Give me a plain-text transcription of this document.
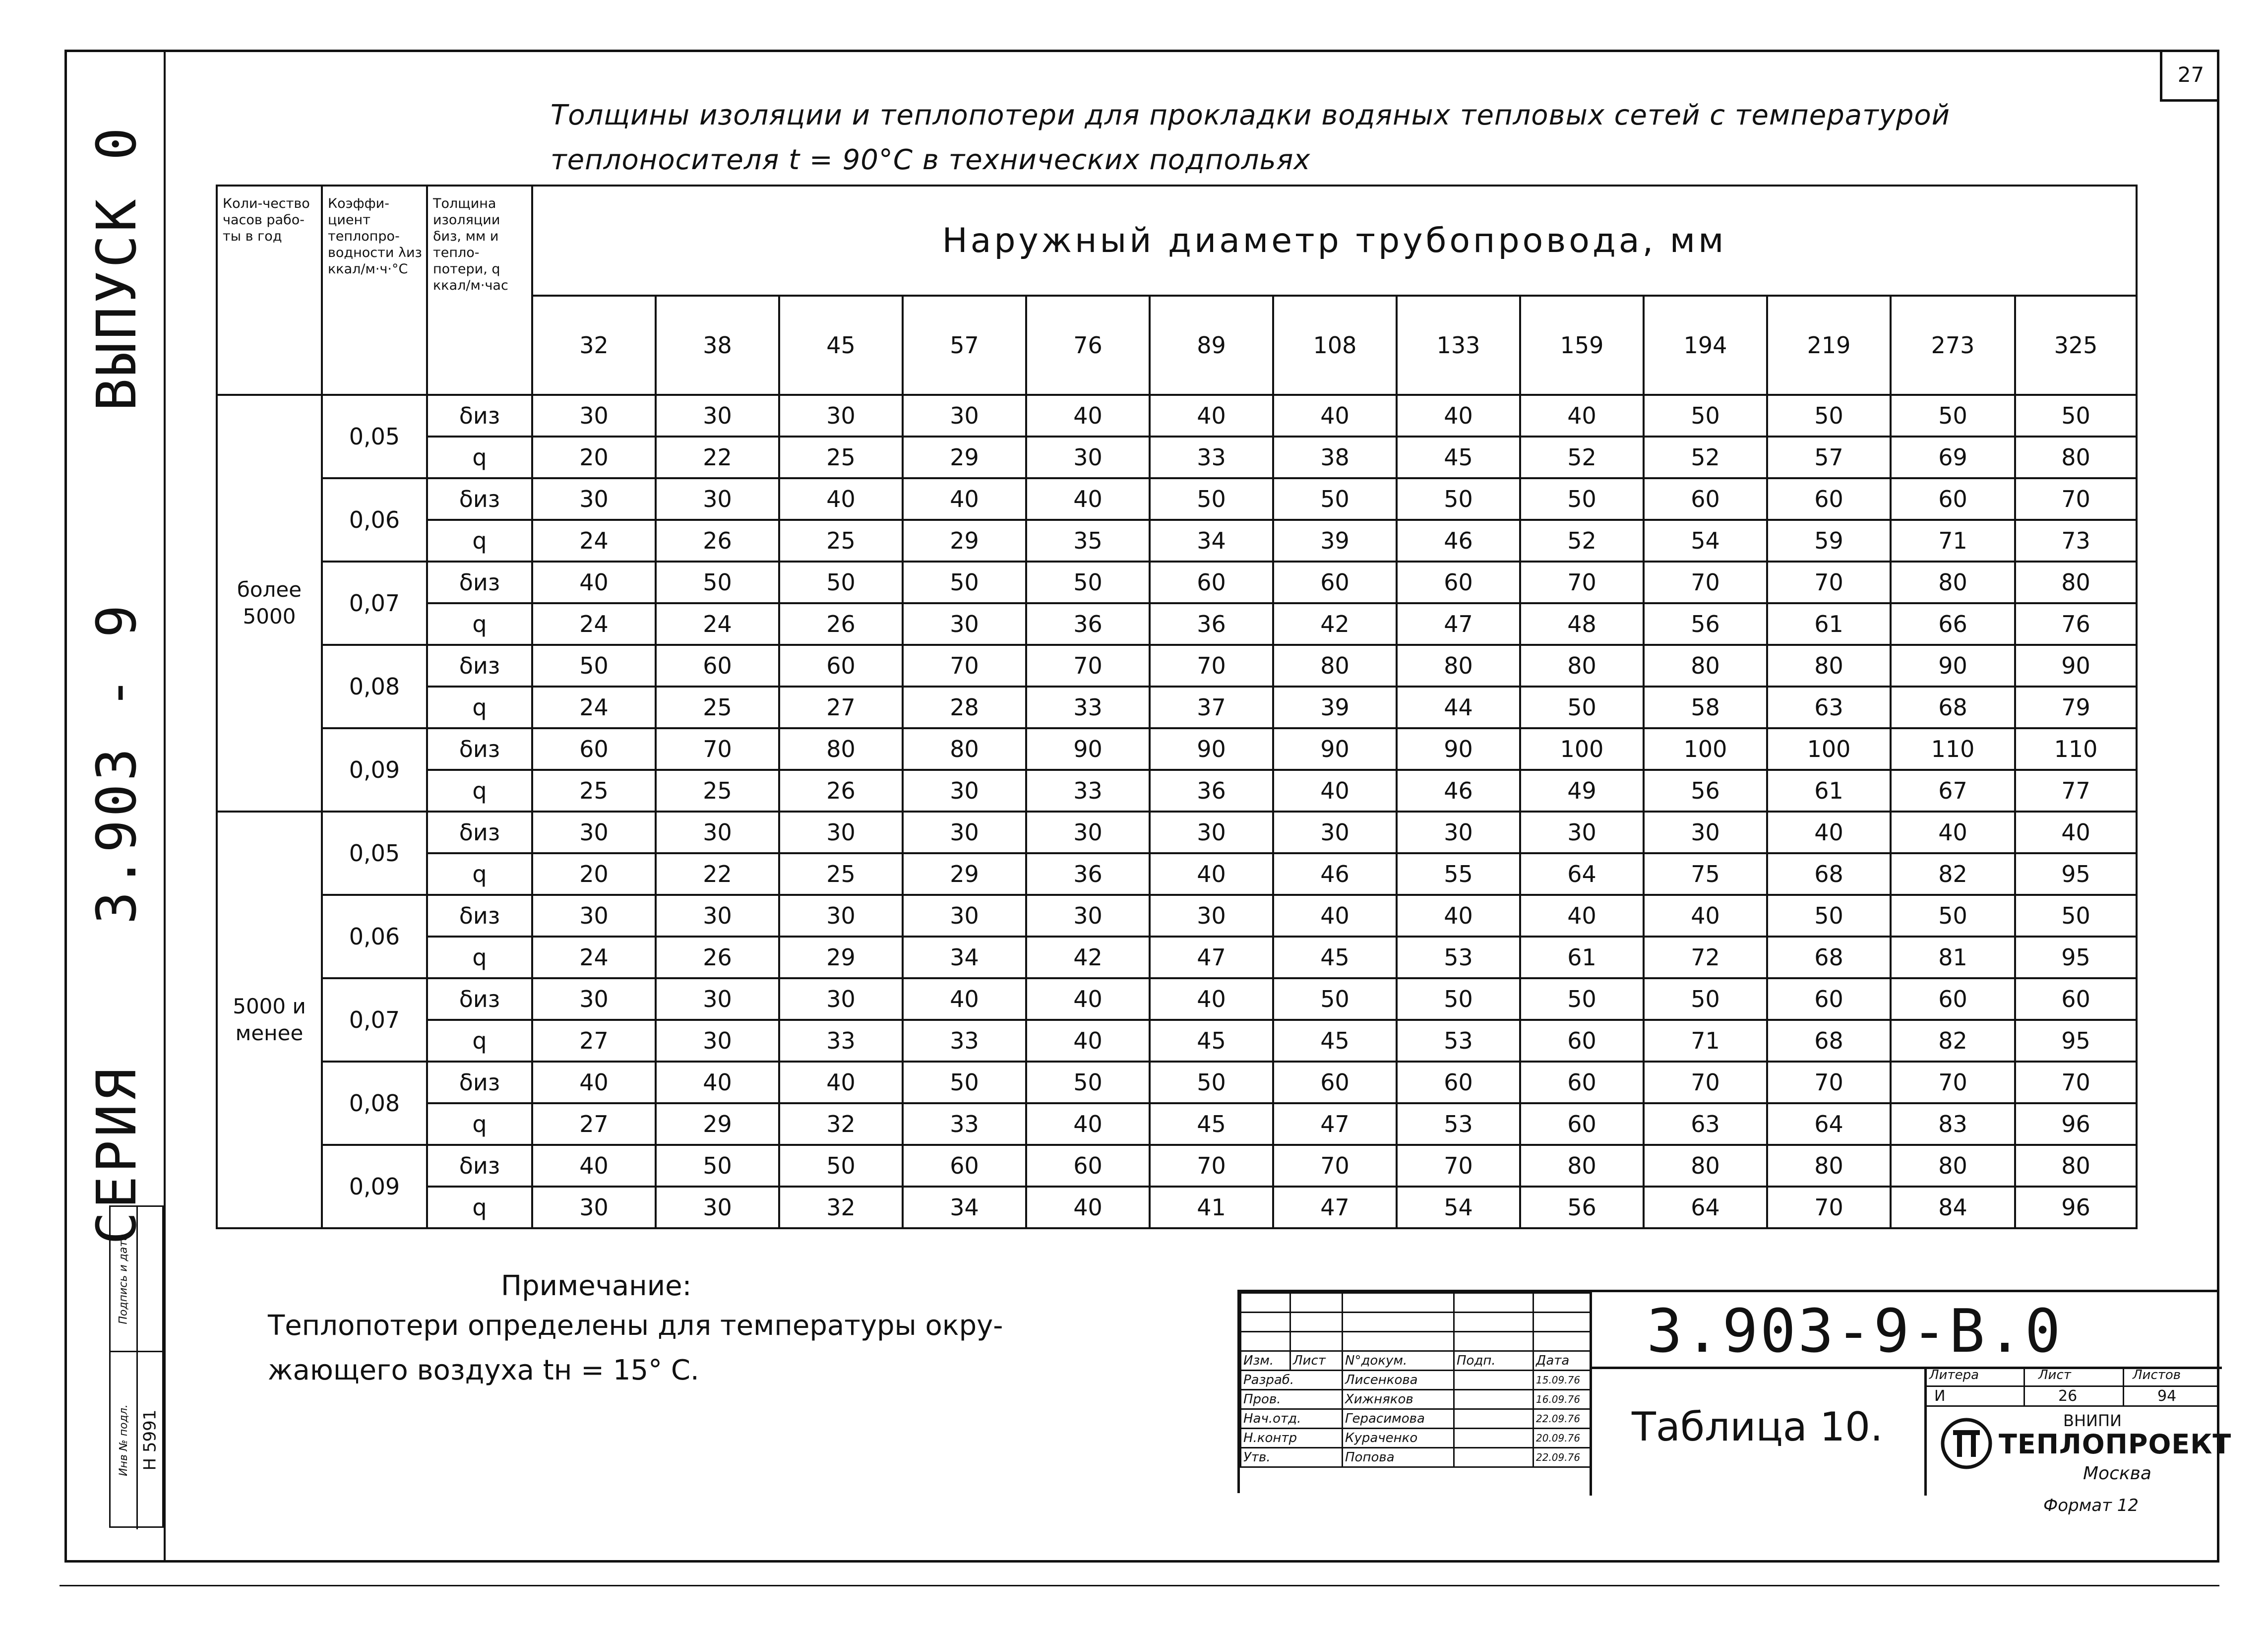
27
СЕРИЯ  3.903 - 9  ВЫПУСК 0
Подпись и дата
Инв № подл. Н 5991
Толщины изоляции и теплопотери для прокладки водяных тепловых сетей с температурой
теплоносителя t = 90°С в технических подпольях
Коли-чество часов рабо-ты в год	Коэффи-циент теплопро-водности λиз ккал/м·ч·°С	Толщина изоляции δиз, мм и тепло-потери, q ккал/м·час	Наружный диаметр трубопровода, мм												
			32	38	45	57	76	89	108	133	159	194	219	273	325
более 5000	0,05	δиз	30	30	30	30	40	40	40	40	40	50	50	50	50
		q	20	22	25	29	30	33	38	45	52	52	57	69	80
	0,06	δиз	30	30	40	40	40	50	50	50	50	60	60	60	70
		q	24	26	25	29	35	34	39	46	52	54	59	71	73
	0,07	δиз	40	50	50	50	50	60	60	60	70	70	70	80	80
		q	24	24	26	30	36	36	42	47	48	56	61	66	76
	0,08	δиз	50	60	60	70	70	70	80	80	80	80	80	90	90
		q	24	25	27	28	33	37	39	44	50	58	63	68	79
	0,09	δиз	60	70	80	80	90	90	90	90	100	100	100	110	110
		q	25	25	26	30	33	36	40	46	49	56	61	67	77
5000 и менее	0,05	δиз	30	30	30	30	30	30	30	30	30	30	40	40	40
		q	20	22	25	29	36	40	46	55	64	75	68	82	95
	0,06	δиз	30	30	30	30	30	30	40	40	40	40	50	50	50
		q	24	26	29	34	42	47	45	53	61	72	68	81	95
	0,07	δиз	30	30	30	40	40	40	50	50	50	50	60	60	60
		q	27	30	33	33	40	45	45	53	60	71	68	82	95
	0,08	δиз	40	40	40	50	50	50	60	60	60	70	70	70	70
		q	27	29	32	33	40	45	47	53	60	63	64	83	96
	0,09	δиз	40	50	50	60	60	70	70	70	80	80	80	80	80
		q	30	30	32	34	40	41	47	54	56	64	70	84	96
Примечание:
Теплопотери определены для температуры окру-
жающего воздуха tн = 15° С.

					Изм.	Лист	N°докум.	Подп.	Дата
Разраб.		Лисенкова		15.09.76
Пров.		Хижняков		16.09.76
Нач.отд.		Герасимова		22.09.76
Н.контр		Кураченко		20.09.76
Утв.		Попова		22.09.76
3.903-9-В.0
Таблица 10.
Литера	Лист	Листов
И	26	94
ВНИПИ
ТЕПЛОПРОЕКТ
Москва
Формат 12
